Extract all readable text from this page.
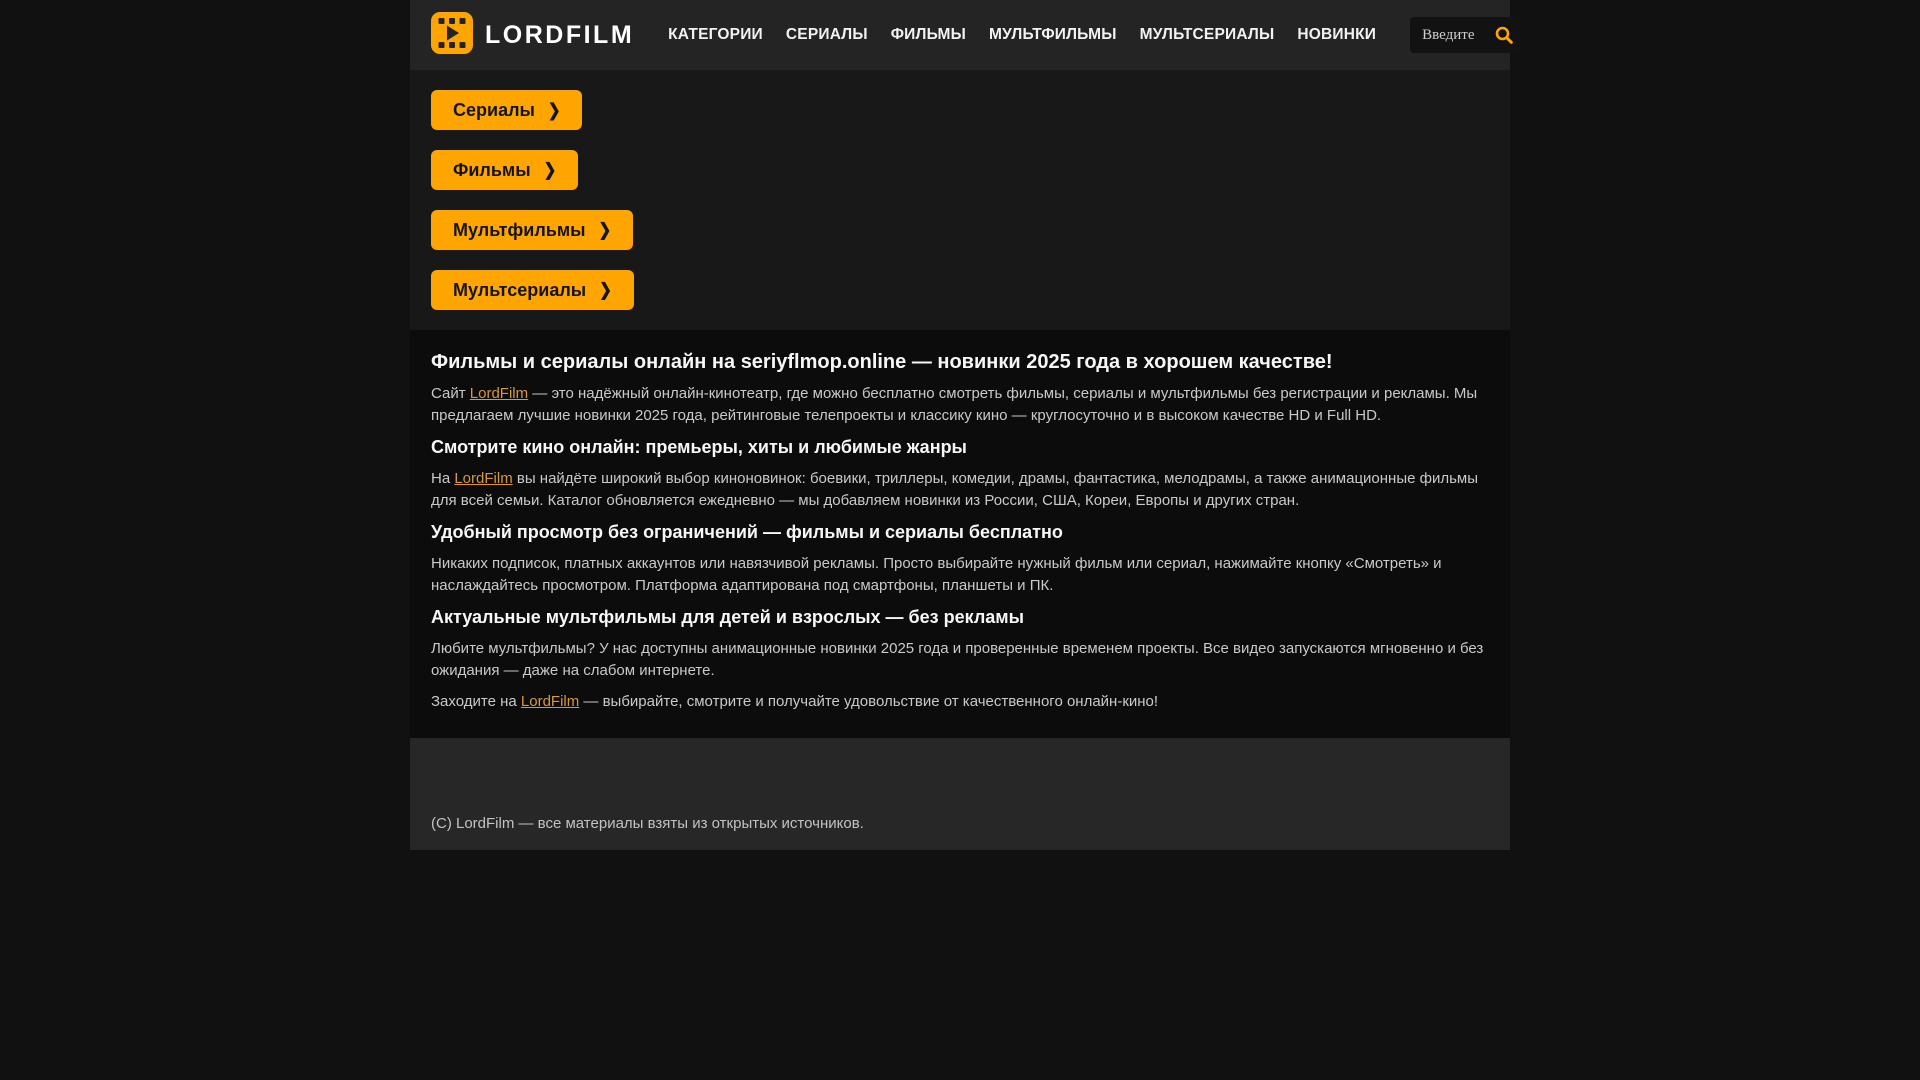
LORDFILM КАТЕГОРИИ СЕРИАЛЫ ФИЛЬМЫ МУЛЬТФИЛЬМЫ МУЛЬТСЕРИАЛЫ НОВИНКИ
Введите
Сериалы ❯
Фильмы ❯
Мультфильмы ❯
Мультсериалы ❯
Фильмы и сериалы онлайн на seriyflmop.online — новинки 2025 года в хорошем качестве!

Сайт LordFilm — это надёжный онлайн-кинотеатр, где можно бесплатно смотреть фильмы, сериалы и мультфильмы без регистрации и рекламы. Мы предлагаем лучшие новинки 2025 года, рейтинговые телепроекты и классику кино — круглосуточно и в высоком качестве HD и Full HD.

Смотрите кино онлайн: премьеры, хиты и любимые жанры

На LordFilm вы найдёте широкий выбор киноновинок: боевики, триллеры, комедии, драмы, фантастика, мелодрамы, а также анимационные фильмы для всей семьи. Каталог обновляется ежедневно — мы добавляем новинки из России, США, Кореи, Европы и других стран.

Удобный просмотр без ограничений — фильмы и сериалы бесплатно

Никаких подписок, платных аккаунтов или навязчивой рекламы. Просто выбирайте нужный фильм или сериал, нажимайте кнопку «Смотреть» и наслаждайтесь просмотром. Платформа адаптирована под смартфоны, планшеты и ПК.

Актуальные мультфильмы для детей и взрослых — без рекламы

Любите мультфильмы? У нас доступны анимационные новинки 2025 года и проверенные временем проекты. Все видео запускаются мгновенно и без ожидания — даже на слабом интернете.

Заходите на LordFilm — выбирайте, смотрите и получайте удовольствие от качественного онлайн-кино!

(C) LordFilm — все материалы взяты из открытых источников.
